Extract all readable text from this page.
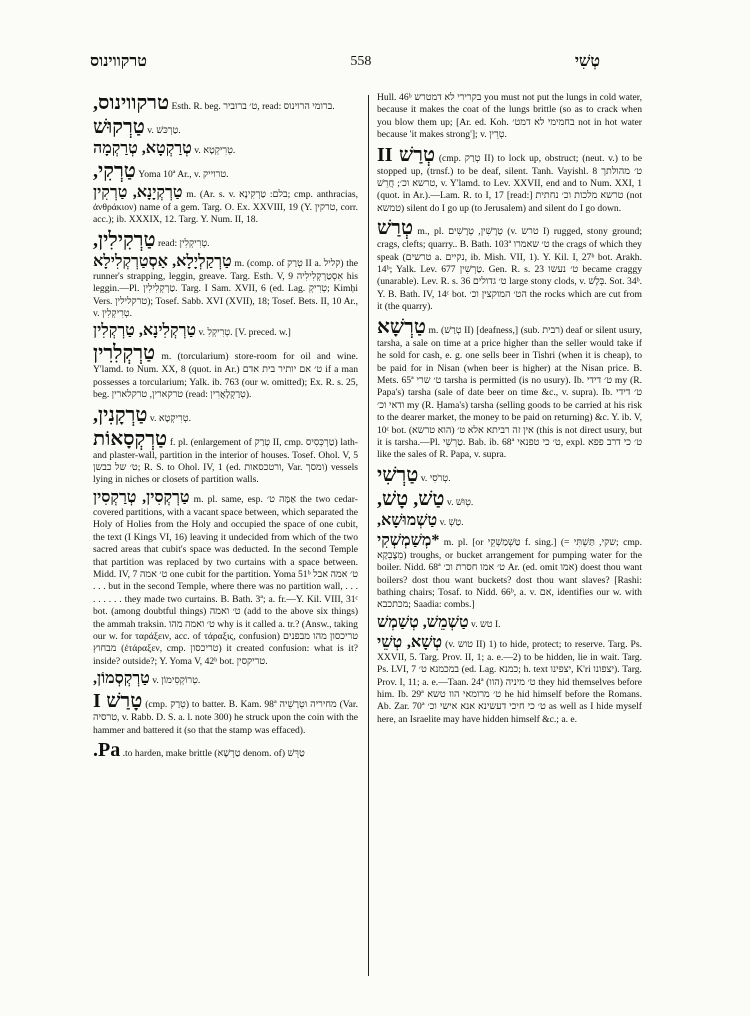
טרקווינוס	558	טְשִׁי

טרקווינוס, Esth. R. beg. ט׳ ברוביר, read: ברומי הרוינוס.

טַרְקוּשׁ v. טַרְכּשׁ.

טְרַקְטָא, טְרַקְמָה v. טְרִיקְטָא.

טַרְקִי, Yoma 10ª Ar., v. טרוייק.

טַרְקְיָנָא, טַרְקִין m. (Ar. s. v. בלם: טַרְקִינָא; cmp. anthracias, ἀνθράκιον) name of a gem. Targ. O. Ex. XXVIII, 19 (Y. טרקין, corr. acc.); ib. XXXIX, 12. Targ. Y. Num. II, 18.

טַרְקִילִין, read: טְרִיקְלִין.

טַרְקַלְיָלָא, אַסְטַרְקְלִילָא m. (comp. of טְרַק II a. קליל) the runner's strapping, leggin, greave. Targ. Esth. V, 9 אִסְטַרְקְלִילִיה his leggin.—Pl. טַרְקְלִילִין. Targ. I Sam. XVII, 6 (ed. Lag. טְרִיקְ; Kimḥi Vers. טרקלילין); Tosef. Sabb. XVI (XVII), 18; Tosef. Bets. II, 10 Ar., v. טְרִיקְלִין.

טַרְקְלִינָא, טַרְקְלִין v. טְרִיקְלִ. [V. preced. w.]

טַרְקְלִרִין m. (torcularium) store-room for oil and wine. Y'lamd. to Num. XX, 8 (quot. in Ar.) ט׳ אם יותיר בית אדם if a man possesses a torcularium; Yalk. ib. 763 (our w. omitted); Ex. R. s. 25, beg. טרקארין, טרקלארין (read: טְרַקְלָאֲרִין).

טַרְקָנִין, v. טְרִיקְטָא.

טַרְקְסָאוֹת f. pl. (enlargement of טְרַק II, cmp. טַרְכְּסִיס) lath- and plaster-wall, partition in the interior of houses. Tosef. Ohol. V, 5 ט׳ של כבשן; R. S. to Ohol. IV, 1 (ed. ורטכסאות, Var. ומסך) vessels lying in niches or closets of partition walls.

טַרְקְסִין, טְרַקְסִין m. pl. same, esp. אַמָּה ט׳ the two cedar-covered partitions, with a vacant space between, which separated the Holy of Holies from the Holy and occupied the space of one cubit, the text (I Kings VI, 16) leaving it undecided from which of the two sacred areas that cubit's space was deducted. In the second Temple that partition was replaced by two curtains with a space between. Midd. IV, 7 ט׳ אמה one cubit for the partition. Yoma 51ᵇ ט׳ אמה אבל . . . but in the second Temple, where there was no partition wall, . . . . . . . . . they made two curtains. B. Bath. 3ª; a. fr.—Y. Kil. VIII, 31ᶜ bot. (among doubtful things) ט׳ ואמה (add to the above six things) the ammah traksin. ט׳ ואמה מהו why is it called a. tr.? (Answ., taking our w. for ταράξειν, acc. of τάραξις, confusion) טריכסון מהו מבפנים מבחוץ (ἐτάραξεν, cmp. טריכסון) it created confusion: what is it? inside? outside?; Y. Yoma V, 42ᵇ bot. טריקסין.

טַרְקְסְמוֹן, v. טְרוֹקְסִימוֹן.

טָרַשׁ I (cmp. טְרַק) to batter. B. Kam. 98ª מחיריה וטְרָשֵׁיה (Var. טרסיה, v. Rabb. D. S. a. l. note 300) he struck upon the coin with the hammer and battered it (so that the stamp was effaced).

Pa. טַרֵּשׁ (denom. of טַרְשָׁא) to harden, make brittle.

Hull. 46ᵇ בקרירי לא דמטרש you must not put the lungs in cold water, because it makes the coat of the lungs brittle (so as to crack when you blow them up; [Ar. ed. Koh. בחמימי לא דמט׳ not in hot water because 'it makes strong']; v. טְרֵין.

טְרַשׁ II (cmp. טְרַק II) to lock up, obstruct; (neut. v.) to be stopped up, (trnsf.) to be deaf, silent. Tanh. Vayishl. 8 ט׳ מהולתך טרשא וכ׳; חֲרֵשׁ, v. Y'lamd. to Lev. XXVII, end and to Num. XXI, 1 (quot. in Ar.).—Lam. R. to I, 17 [read:] טרשא מלכות וכ׳ נחתית (not טמשא) silent do I go up (to Jerusalem) and silent do I go down.

טְרַשׁ m., pl. טְרָשִׁין, טְרָשִׁים (v. טרש I) rugged, stony ground; crags, clefts; quarry.. B. Bath. 103ª ט׳ שאמרו the crags of which they speak (טרשים a. נקיים, ib. Mish. VII, 1). Y. Kil. I, 27ᵇ bot. Arakh. 14ᵇ; Yalk. Lev. 677 טַרְשִׁין. Gen. R. s. 23 ט׳ נעשו became craggy (unarable). Lev. R. s. 36 ט׳ גדולים large stony clods, v. בְּלָשׁ. Sot. 34ᵇ. Y. B. Bath. IV, 14ᶜ bot. הט׳ המוקצין וכ׳ the rocks which are cut from it (the quarry).

טַרְשָׁא m. (טְרַשׁ II) [deafness,] (sub. רבית) deaf or silent usury, tarsha, a sale on time at a price higher than the seller would take if he sold for cash, e. g. one sells beer in Tishri (when it is cheap), to be paid for in Nisan (when beer is higher) at the Nisan price. B. Mets. 65ª ט׳ שרי tarsha is permitted (is no usury). Ib. ט׳ דידי my (R. Papa's) tarsha (sale of date beer on time &c., v. supra). Ib. ט׳ דידי ודאי וכ׳ my (R. Ḥama's) tarsha (selling goods to be carried at his risk to the dearer market, the money to be paid on returning) &c. Y. ib. V, 10ᶜ bot. (הוא טרשא) אין זה רביתא אלא ט׳ (this is not direct usury, but it is tarsha.—Pl. טַרְשֵׁי. Bab. ib. 68ª ט׳ כי טפנאי, expl. ט׳ כי דרב פפא like the sales of R. Papa, v. supra.

טַרְשִׁי v. טְרֹסִי.

טַשׁ, טָשׁ, v. טְוּשׁ.

טַשְׁמוּשָׁא, v. טַשְׁ.

*מְשַׁמְשְׁקִי m. pl. [or טַשְׁמַשְׁקֵי f. sing.] (= שקי, תַּשְׁתִּי; cmp. מֵצֶבְקָא) troughs, or bucket arrangement for pumping water for the boiler. Nidd. 68ª ט׳ אמו חסרת וכ׳ Ar. (ed. omit אמו) doest thou want boilers? dost thou want buckets? dost thou want slaves? [Rashi: bathing chairs; Tosaf. to Nidd. 66ᵇ, a. v. אם, identifies our w. with מכתכבא; Saadia: combs.]

טַשְׁמֵשׁ, טְשַׁמְשׁ v. טש I.

טְשָׁא, טְשֵׁי (v. טוש II) 1) to hide, protect; to reserve. Targ. Ps. XXVII, 5. Targ. Prov. II, 1; a. e.—2) to be hidden, lie in wait. Targ. Ps. LVI, 7 במכמנא ט׳ (ed. Lag. כמנא; h. text יצפינו, K'ri יצפונו). Targ. Prov. I, 11; a. e.—Taan. 24ª ט׳ מיניה (הוו) they hid themselves before him. Ib. 29ª ט׳ מרומאי הוו טשא he hid himself before the Romans. Ab. Zar. 70ª ט׳ כי חיכי דעשינא אנא אישי וכ׳ as well as I hide myself here, an Israelite may have hidden himself &c.; a. e.
